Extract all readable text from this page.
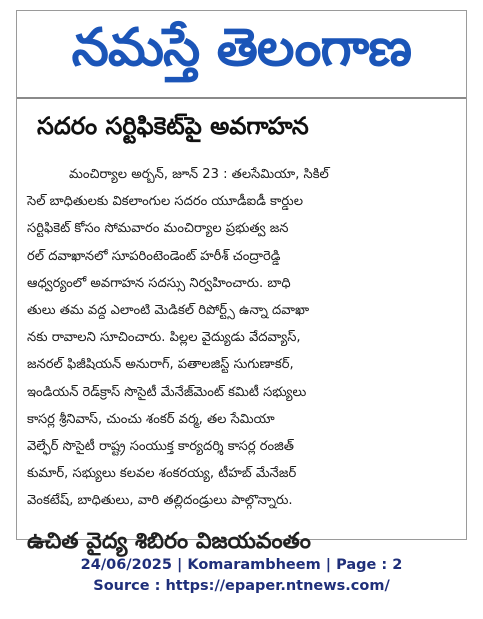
నమస్తే తెలంగాణ
సదరం సర్టిఫికెట్‌పై అవగాహన
మంచిర్యాల అర్బన్, జూన్ 23 : తలసేమియా, సికిల్
సెల్ బాధితులకు వికలాంగుల సదరం యూడీఐడీ కార్డుల
సర్టిఫికెట్ కోసం సోమవారం మంచిర్యాల ప్రభుత్వ జన
రల్ దవాఖానలో సూపరింటెండెంట్ హరీశ్ చంద్రారెడ్డి
ఆధ్వర్యంలో అవగాహన సదస్సు నిర్వహించారు. బాధి
తులు తమ వద్ద ఎలాంటి మెడికల్ రిపోర్ట్స్ ఉన్నా దవాఖా
నకు రావాలని సూచించారు. పిల్లల వైద్యుడు వేదవ్యాస్,
జనరల్ ఫిజీషియన్ అనురాగ్, పతాలజిస్ట్ సుగుణాకర్,
ఇండియన్ రెడ్‌క్రాస్ సొసైటీ మేనేజ్‌మెంట్ కమిటీ సభ్యులు
కాసర్ల శ్రీనివాస్, చుంచు శంకర్ వర్మ, తల సేమియా
వెల్ఫేర్ సొసైటీ రాష్ట్ర సంయుక్త కార్యదర్శి కాసర్ల రంజిత్
కుమార్, సభ్యులు కలవల శంకరయ్య, టీహబ్ మేనేజర్
వెంకటేష్, బాధితులు, వారి తల్లిదండ్రులు పాల్గొన్నారు.
ఉచిత వైద్య శిబిరం విజయవంతం
24/06/2025 | Komarambheem | Page : 2
Source : https://epaper.ntnews.com/
